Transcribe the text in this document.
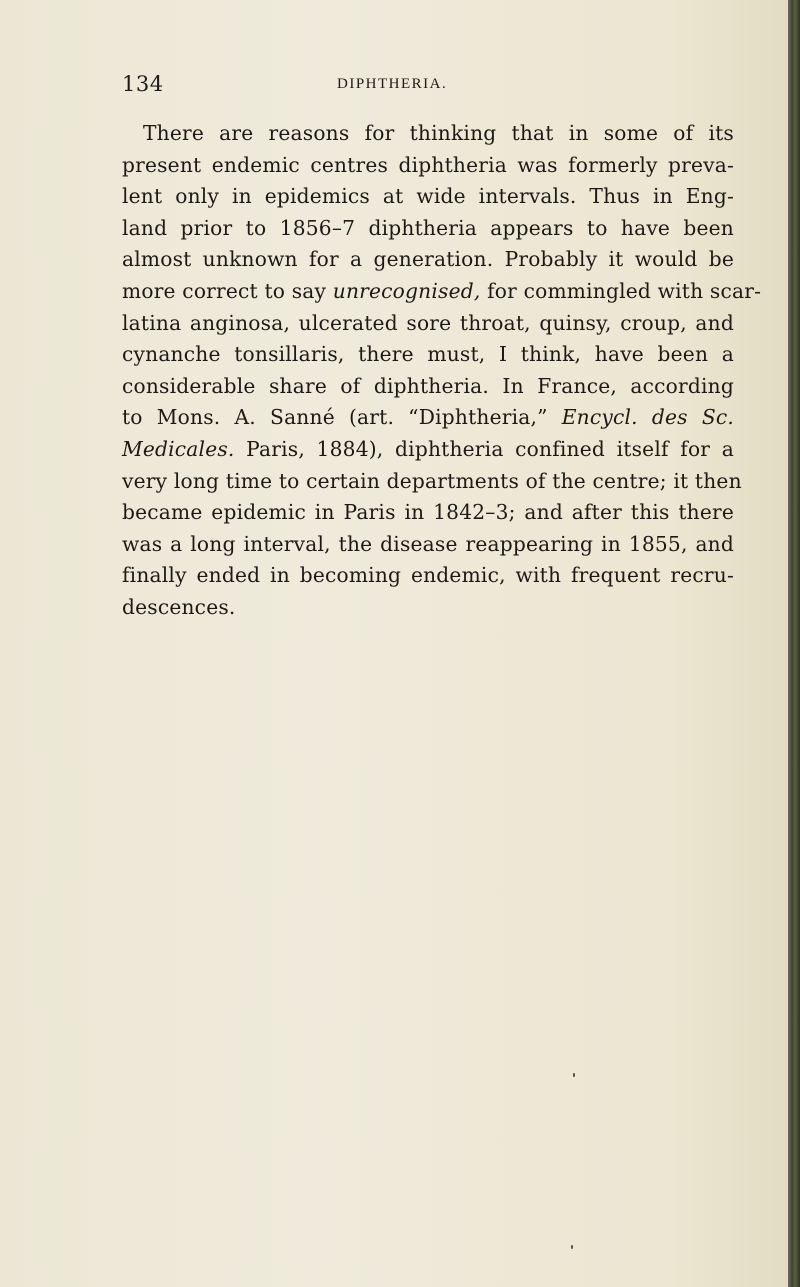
134	DIPHTHERIA.
There are reasons for thinking that in some of its
present endemic centres diphtheria was formerly preva-
lent only in epidemics at wide intervals. Thus in Eng-
land prior to 1856–7 diphtheria appears to have been
almost unknown for a generation. Probably it would be
more correct to say unrecognised, for commingled with scar-
latina anginosa, ulcerated sore throat, quinsy, croup, and
cynanche tonsillaris, there must, I think, have been a
considerable share of diphtheria. In France, according
to Mons. A. Sanné (art. “Diphtheria,” Encycl. des Sc.
Medicales. Paris, 1884), diphtheria confined itself for a
very long time to certain departments of the centre; it then
became epidemic in Paris in 1842–3; and after this there
was a long interval, the disease reappearing in 1855, and
finally ended in becoming endemic, with frequent recru-
descences.
